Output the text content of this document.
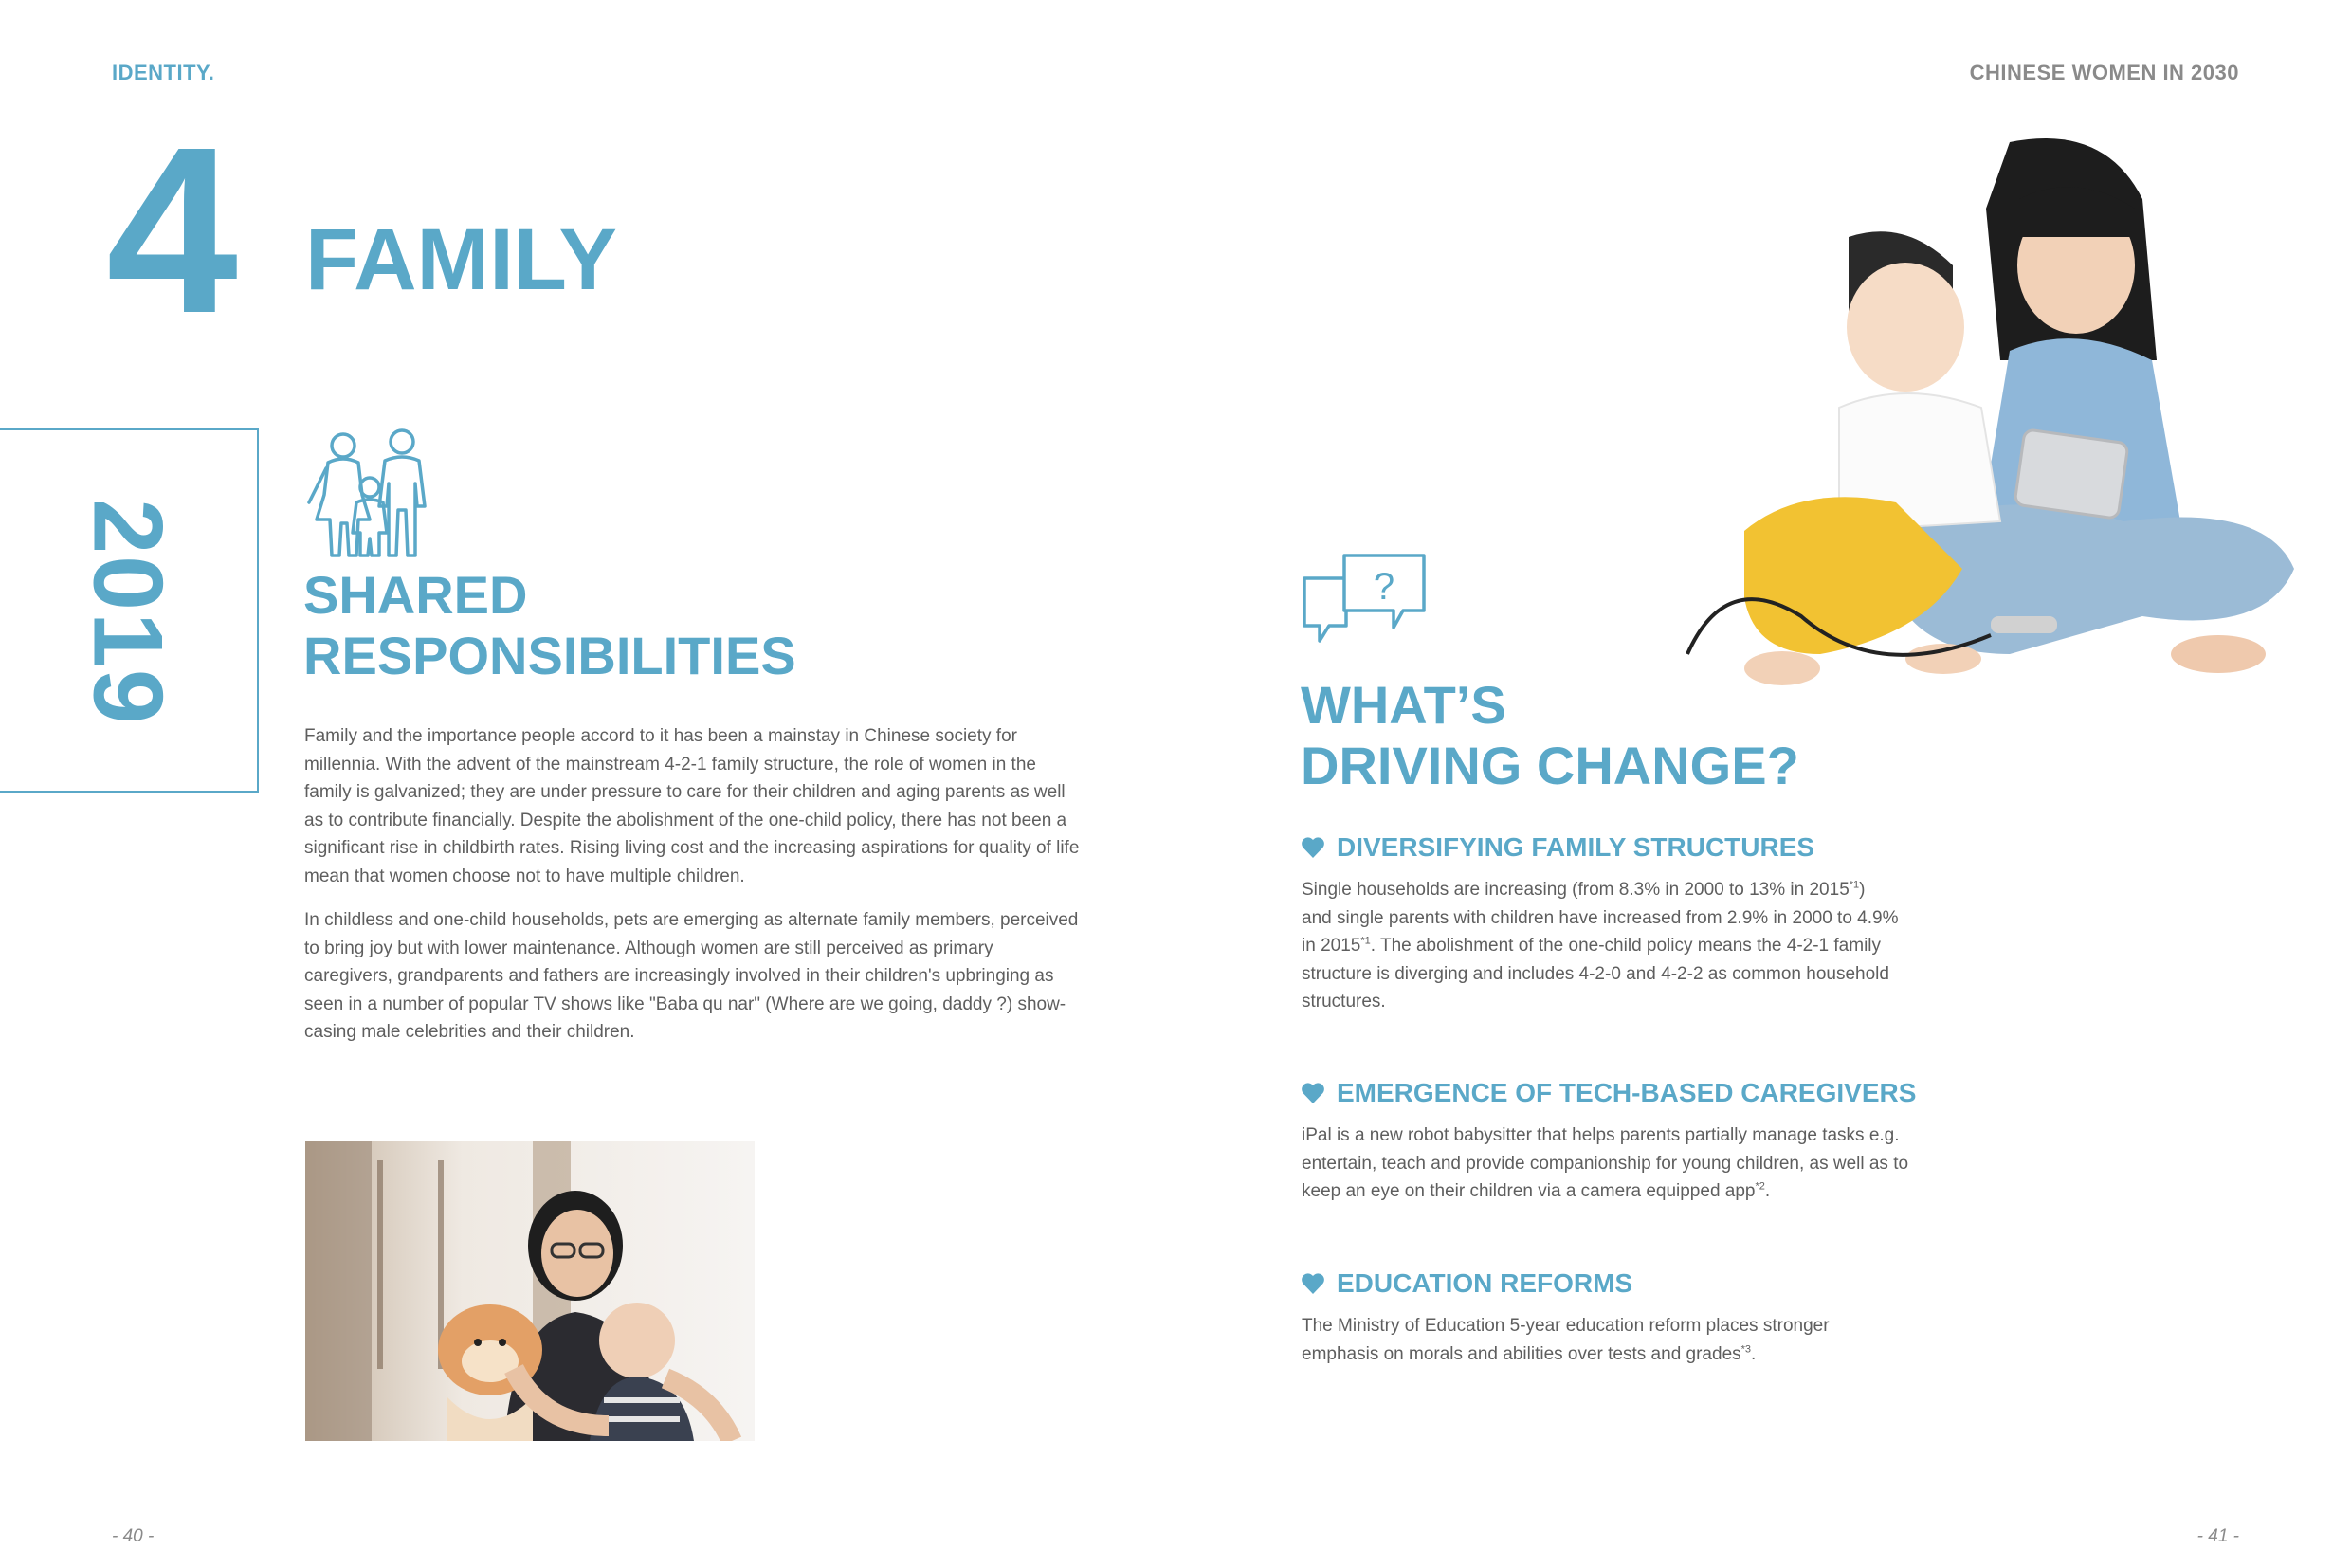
IDENTITY.	CHINESE WOMEN IN 2030
4 FAMILY
2019 SHARED
RESPONSIBILITIES

Family and the importance people accord to it has been a mainstay in Chinese society for millennia. With the advent of the mainstream 4-2-1 family structure, the role of women in the family is galvanized; they are under pressure to care for their children and aging parents as well as to contribute financially. Despite the abolishment of the one-child policy, there has not been a significant rise in childbirth rates. Rising living cost and the increasing aspirations for quality of life mean that women choose not to have multiple children.

In childless and one-child households, pets are emerging as alternate family members, perceived to bring joy but with lower maintenance. Although women are still perceived as primary caregivers, grandparents and fathers are increasingly involved in their children's upbringing as seen in a number of popular TV shows like "Baba qu nar" (Where are we going, daddy ?) show-casing male celebrities and their children.

?
WHAT’S
DRIVING CHANGE?
DIVERSIFYING FAMILY STRUCTURES

Single households are increasing (from 8.3% in 2000 to 13% in 2015$^{*1}$) and single parents with children have increased from 2.9% in 2000 to 4.9% in 2015$^{*1}$. The abolishment of the one-child policy means the 4-2-1 family structure is diverging and includes 4-2-0 and 4-2-2 as common household structures.

EMERGENCE OF TECH-BASED CAREGIVERS

iPal is a new robot babysitter that helps parents partially manage tasks e.g. entertain, teach and provide companionship for young children, as well as to keep an eye on their children via a camera equipped app$^{*2}$.

EDUCATION REFORMS

The Ministry of Education 5-year education reform places stronger emphasis on morals and abilities over tests and grades$^{*3}$.

- 40 -	- 41 -
